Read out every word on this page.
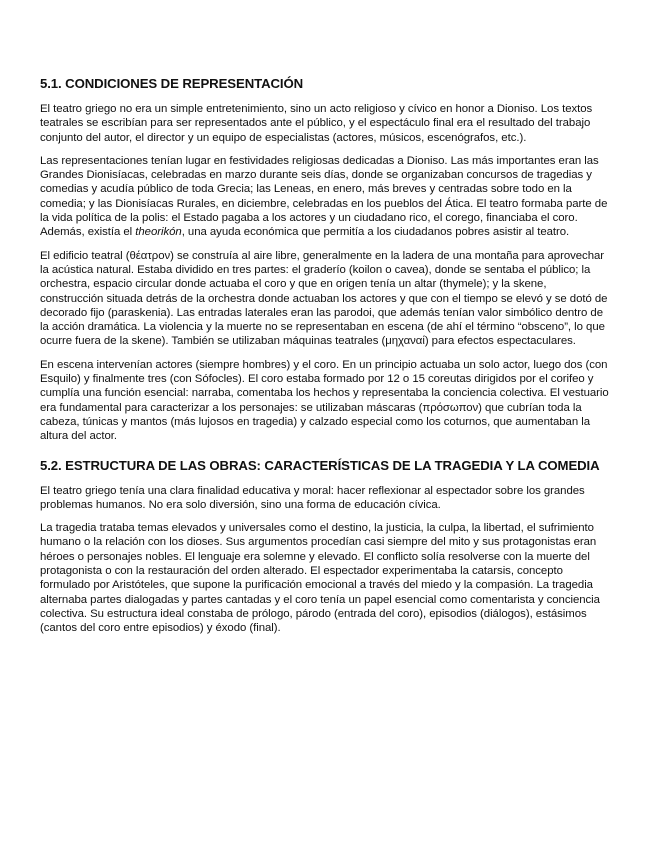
5.1. CONDICIONES DE REPRESENTACIÓN

El teatro griego no era un simple entretenimiento, sino un acto religioso y cívico en honor a Dioniso. Los textos teatrales se escribían para ser representados ante el público, y el espectáculo final era el resultado del trabajo conjunto del autor, el director y un equipo de especialistas (actores, músicos, escenógrafos, etc.).

Las representaciones tenían lugar en festividades religiosas dedicadas a Dioniso. Las más importantes eran las Grandes Dionisíacas, celebradas en marzo durante seis días, donde se organizaban concursos de tragedias y comedias y acudía público de toda Grecia; las Leneas, en enero, más breves y centradas sobre todo en la comedia; y las Dionisíacas Rurales, en diciembre, celebradas en los pueblos del Ática. El teatro formaba parte de la vida política de la polis: el Estado pagaba a los actores y un ciudadano rico, el corego, financiaba el coro. Además, existía el theorikón, una ayuda económica que permitía a los ciudadanos pobres asistir al teatro.

El edificio teatral (θέατρον) se construía al aire libre, generalmente en la ladera de una montaña para aprovechar la acústica natural. Estaba dividido en tres partes: el graderío (koilon o cavea), donde se sentaba el público; la orchestra, espacio circular donde actuaba el coro y que en origen tenía un altar (thymele); y la skene, construcción situada detrás de la orchestra donde actuaban los actores y que con el tiempo se elevó y se dotó de decorado fijo (paraskenia). Las entradas laterales eran las parodoi, que además tenían valor simbólico dentro de la acción dramática. La violencia y la muerte no se representaban en escena (de ahí el término “obsceno”, lo que ocurre fuera de la skene). También se utilizaban máquinas teatrales (μηχαναί) para efectos espectaculares.

En escena intervenían actores (siempre hombres) y el coro. En un principio actuaba un solo actor, luego dos (con Esquilo) y finalmente tres (con Sófocles). El coro estaba formado por 12 o 15 coreutas dirigidos por el corifeo y cumplía una función esencial: narraba, comentaba los hechos y representaba la conciencia colectiva. El vestuario era fundamental para caracterizar a los personajes: se utilizaban máscaras (πρόσωπον) que cubrían toda la cabeza, túnicas y mantos (más lujosos en tragedia) y calzado especial como los coturnos, que aumentaban la altura del actor.

5.2. ESTRUCTURA DE LAS OBRAS: CARACTERÍSTICAS DE LA TRAGEDIA Y LA COMEDIA

El teatro griego tenía una clara finalidad educativa y moral: hacer reflexionar al espectador sobre los grandes problemas humanos. No era solo diversión, sino una forma de educación cívica.

La tragedia trataba temas elevados y universales como el destino, la justicia, la culpa, la libertad, el sufrimiento humano o la relación con los dioses. Sus argumentos procedían casi siempre del mito y sus protagonistas eran héroes o personajes nobles. El lenguaje era solemne y elevado. El conflicto solía resolverse con la muerte del protagonista o con la restauración del orden alterado. El espectador experimentaba la catarsis, concepto formulado por Aristóteles, que supone la purificación emocional a través del miedo y la compasión. La tragedia alternaba partes dialogadas y partes cantadas y el coro tenía un papel esencial como comentarista y conciencia colectiva. Su estructura ideal constaba de prólogo, párodo (entrada del coro), episodios (diálogos), estásimos (cantos del coro entre episodios) y éxodo (final).
